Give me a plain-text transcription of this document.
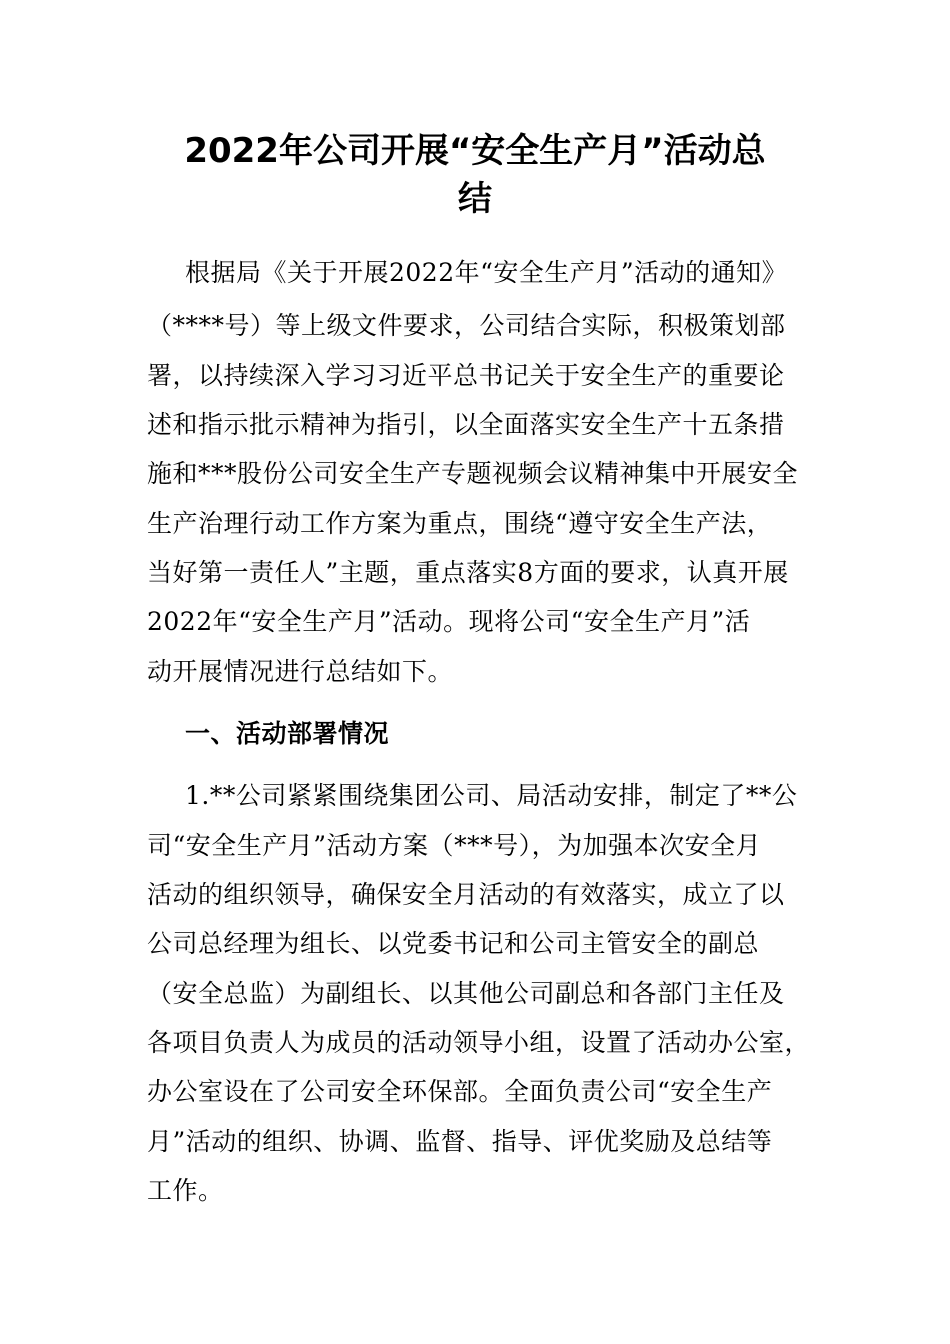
2022年公司开展“安全生产月”活动总
结

根据局《关于开展2022年“安全生产月”活动的通知》

（****号）等上级文件要求，公司结合实际，积极策划部

署，以持续深入学习习近平总书记关于安全生产的重要论

述和指示批示精神为指引，以全面落实安全生产十五条措

施和***股份公司安全生产专题视频会议精神集中开展安全

生产治理行动工作方案为重点，围绕“遵守安全生产法，

当好第一责任人”主题，重点落实8方面的要求，认真开展

2022年“安全生产月”活动。现将公司“安全生产月”活

动开展情况进行总结如下。

一、活动部署情况

1.**公司紧紧围绕集团公司、局活动安排，制定了**公

司“安全生产月”活动方案（***号），为加强本次安全月

活动的组织领导，确保安全月活动的有效落实，成立了以

公司总经理为组长、以党委书记和公司主管安全的副总

（安全总监）为副组长、以其他公司副总和各部门主任及

各项目负责人为成员的活动领导小组，设置了活动办公室，

办公室设在了公司安全环保部。全面负责公司“安全生产

月”活动的组织、协调、监督、指导、评优奖励及总结等

工作。
